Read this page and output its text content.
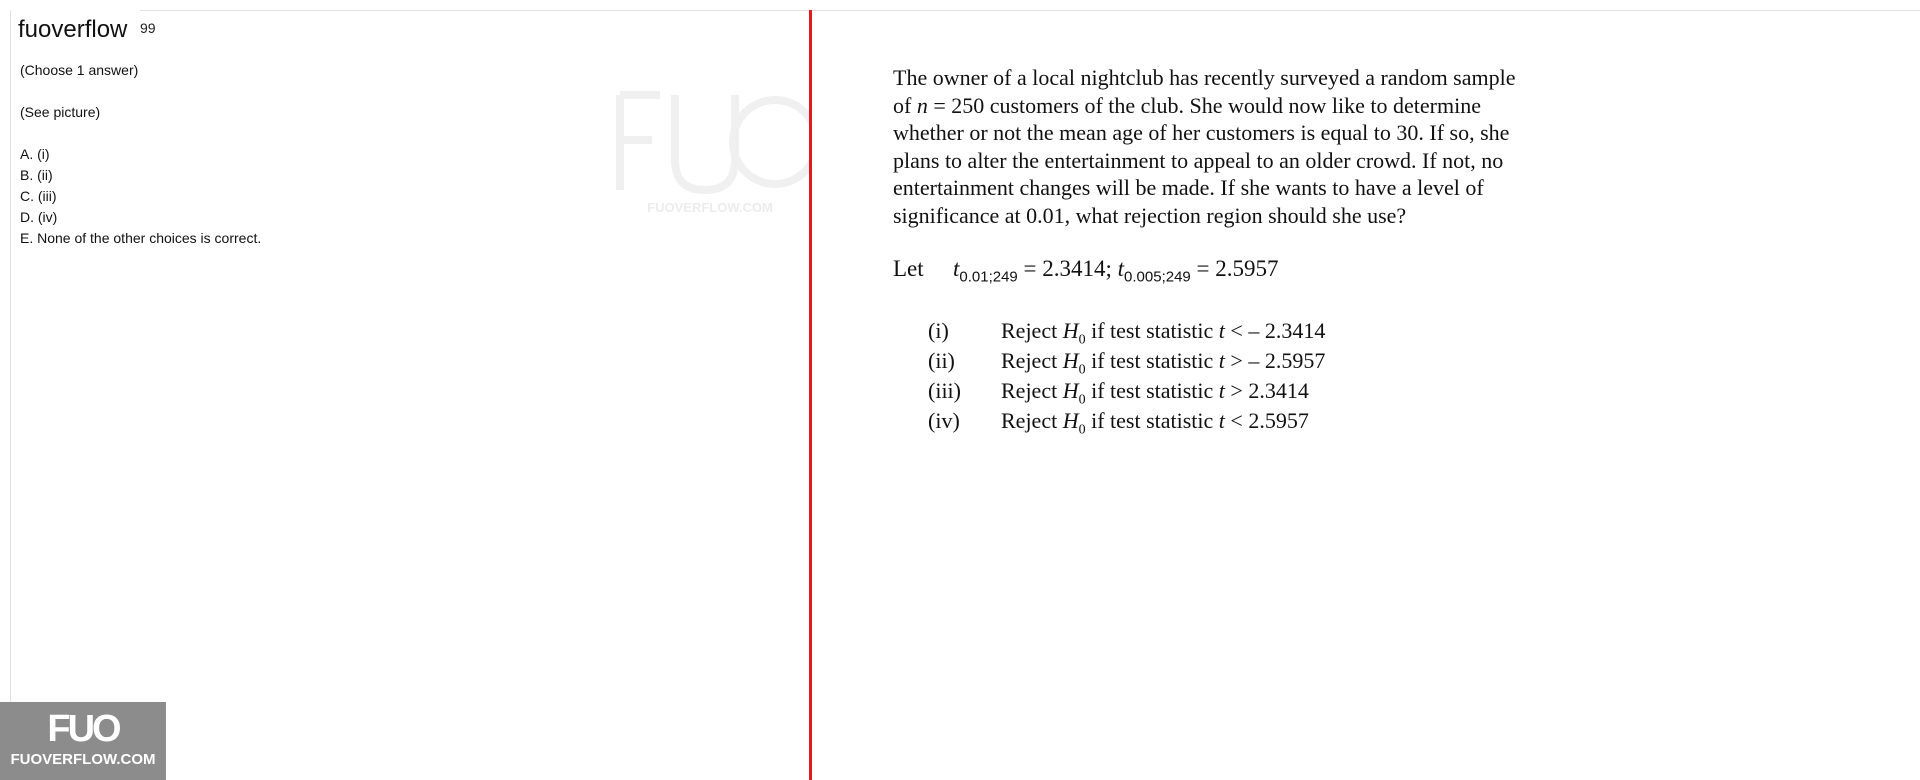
fuoverflow 99
(Choose 1 answer)
(See picture)
A. (i)
B. (ii)
C. (iii)
D. (iv)
E. None of the other choices is correct.
FUOVERFLOW.COM
The owner of a local nightclub has recently surveyed a random sample
of n = 250 customers of the club. She would now like to determine
whether or not the mean age of her customers is equal to 30. If so, she
plans to alter the entertainment to appeal to an older crowd. If not, no
entertainment changes will be made. If she wants to have a level of
significance at 0.01, what rejection region should she use?
Let $t_{0.01;249} = 2.3414$; $t_{0.005;249} = 2.5957$
(i) Reject $H_0$ if test statistic t < – 2.3414
(ii) Reject $H_0$ if test statistic t > – 2.5957
(iii) Reject $H_0$ if test statistic t > 2.3414
(iv) Reject $H_0$ if test statistic t < 2.5957
FUO
FUOVERFLOW.COM
